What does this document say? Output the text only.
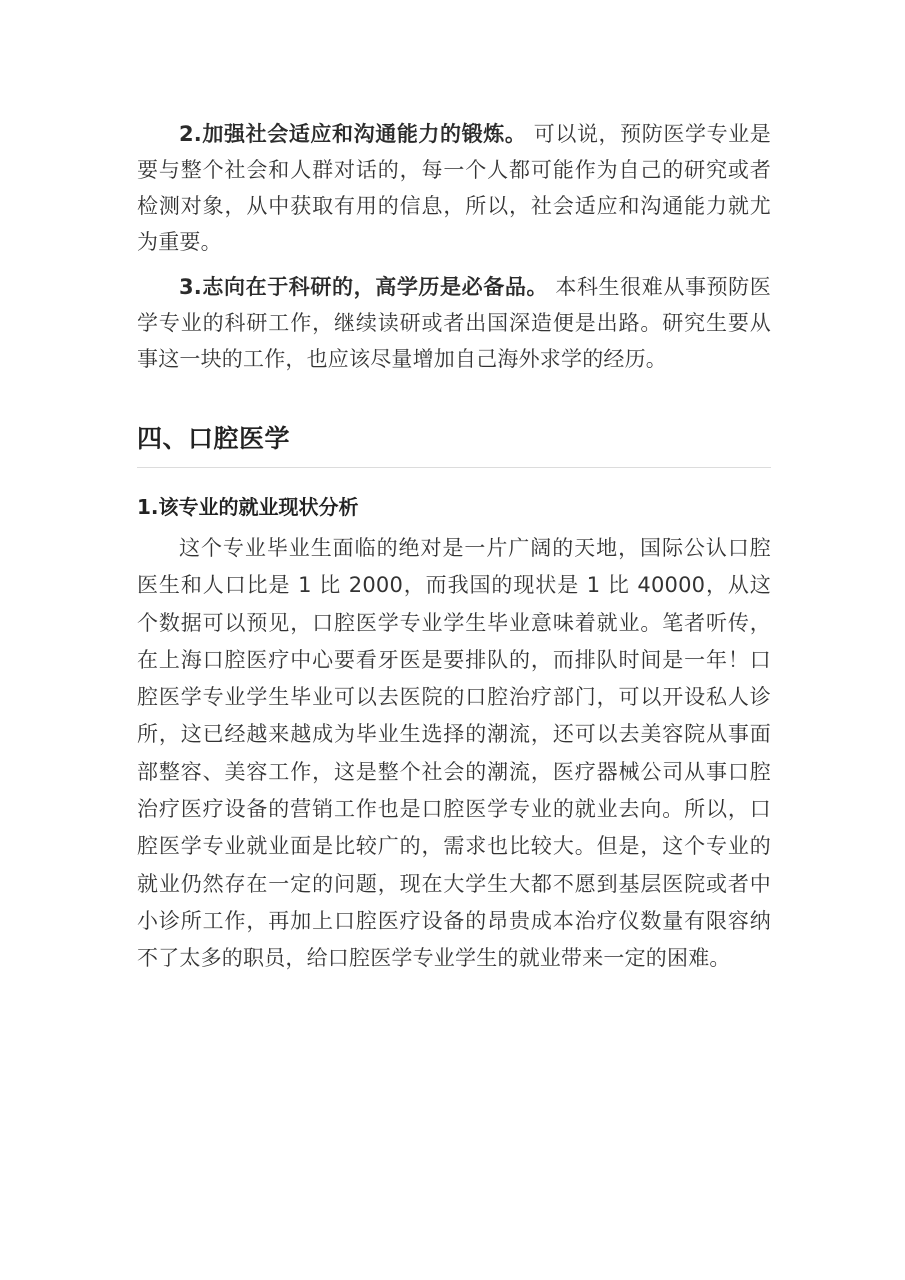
2.加强社会适应和沟通能力的锻炼。 可以说，预防医学专业是要与整个社会和人群对话的，每一个人都可能作为自己的研究或者检测对象，从中获取有用的信息，所以，社会适应和沟通能力就尤为重要。

3.志向在于科研的，高学历是必备品。 本科生很难从事预防医学专业的科研工作，继续读研或者出国深造便是出路。研究生要从事这一块的工作，也应该尽量增加自己海外求学的经历。

四、口腔医学
1.该专业的就业现状分析

这个专业毕业生面临的绝对是一片广阔的天地，国际公认口腔医生和人口比是 1 比 2000，而我国的现状是 1 比 40000，从这个数据可以预见，口腔医学专业学生毕业意味着就业。笔者听传，在上海口腔医疗中心要看牙医是要排队的，而排队时间是一年！口腔医学专业学生毕业可以去医院的口腔治疗部门，可以开设私人诊所，这已经越来越成为毕业生选择的潮流，还可以去美容院从事面部整容、美容工作，这是整个社会的潮流，医疗器械公司从事口腔治疗医疗设备的营销工作也是口腔医学专业的就业去向。所以，口腔医学专业就业面是比较广的，需求也比较大。但是，这个专业的就业仍然存在一定的问题，现在大学生大都不愿到基层医院或者中小诊所工作，再加上口腔医疗设备的昂贵成本治疗仪数量有限容纳不了太多的职员，给口腔医学专业学生的就业带来一定的困难。
